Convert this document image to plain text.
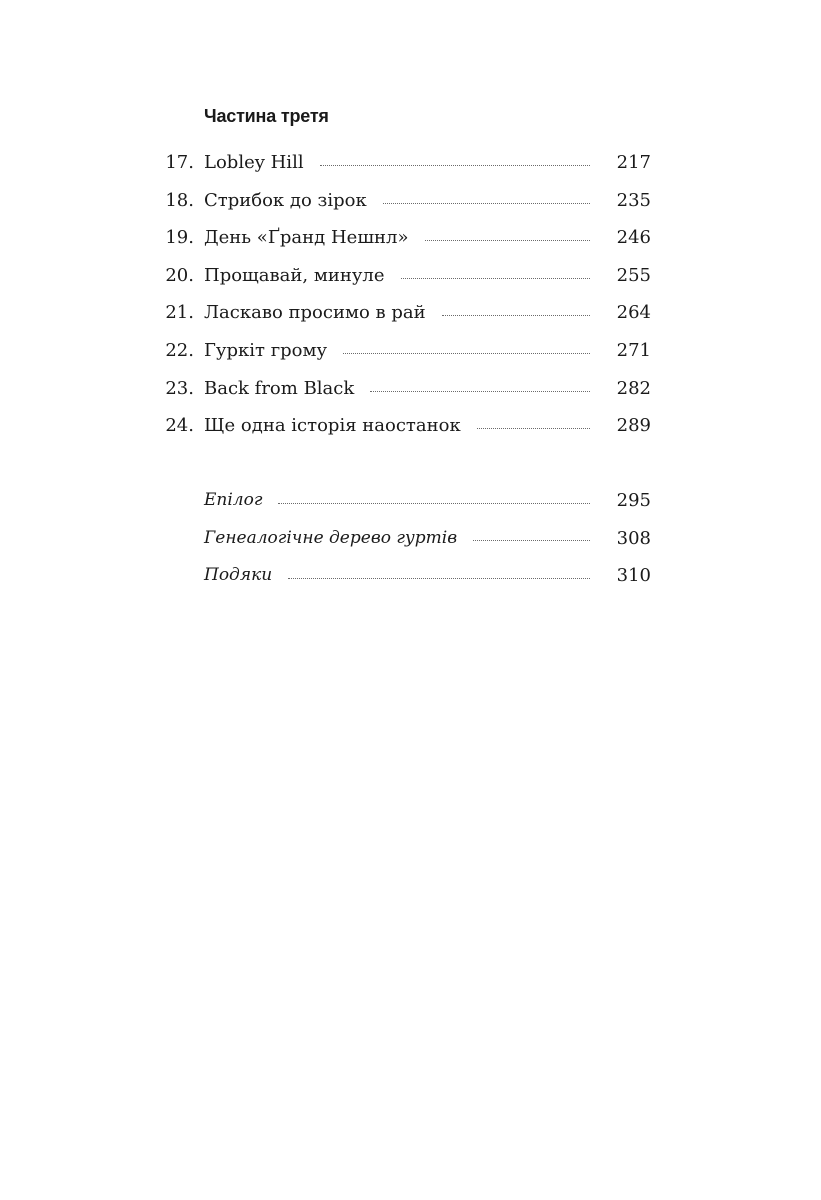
Частина третя
17. Lobley Hill	217
18. Стрибок до зірок	235
19. День «Ґранд Нешнл»	246
20. Прощавай, минуле	255
21. Ласкаво просимо в рай	264
22. Гуркіт грому	271
23. Back from Black	282
24. Ще одна історія наостанок	289
Епілог	295
Генеалогічне дерево гуртів	308
Подяки	310
